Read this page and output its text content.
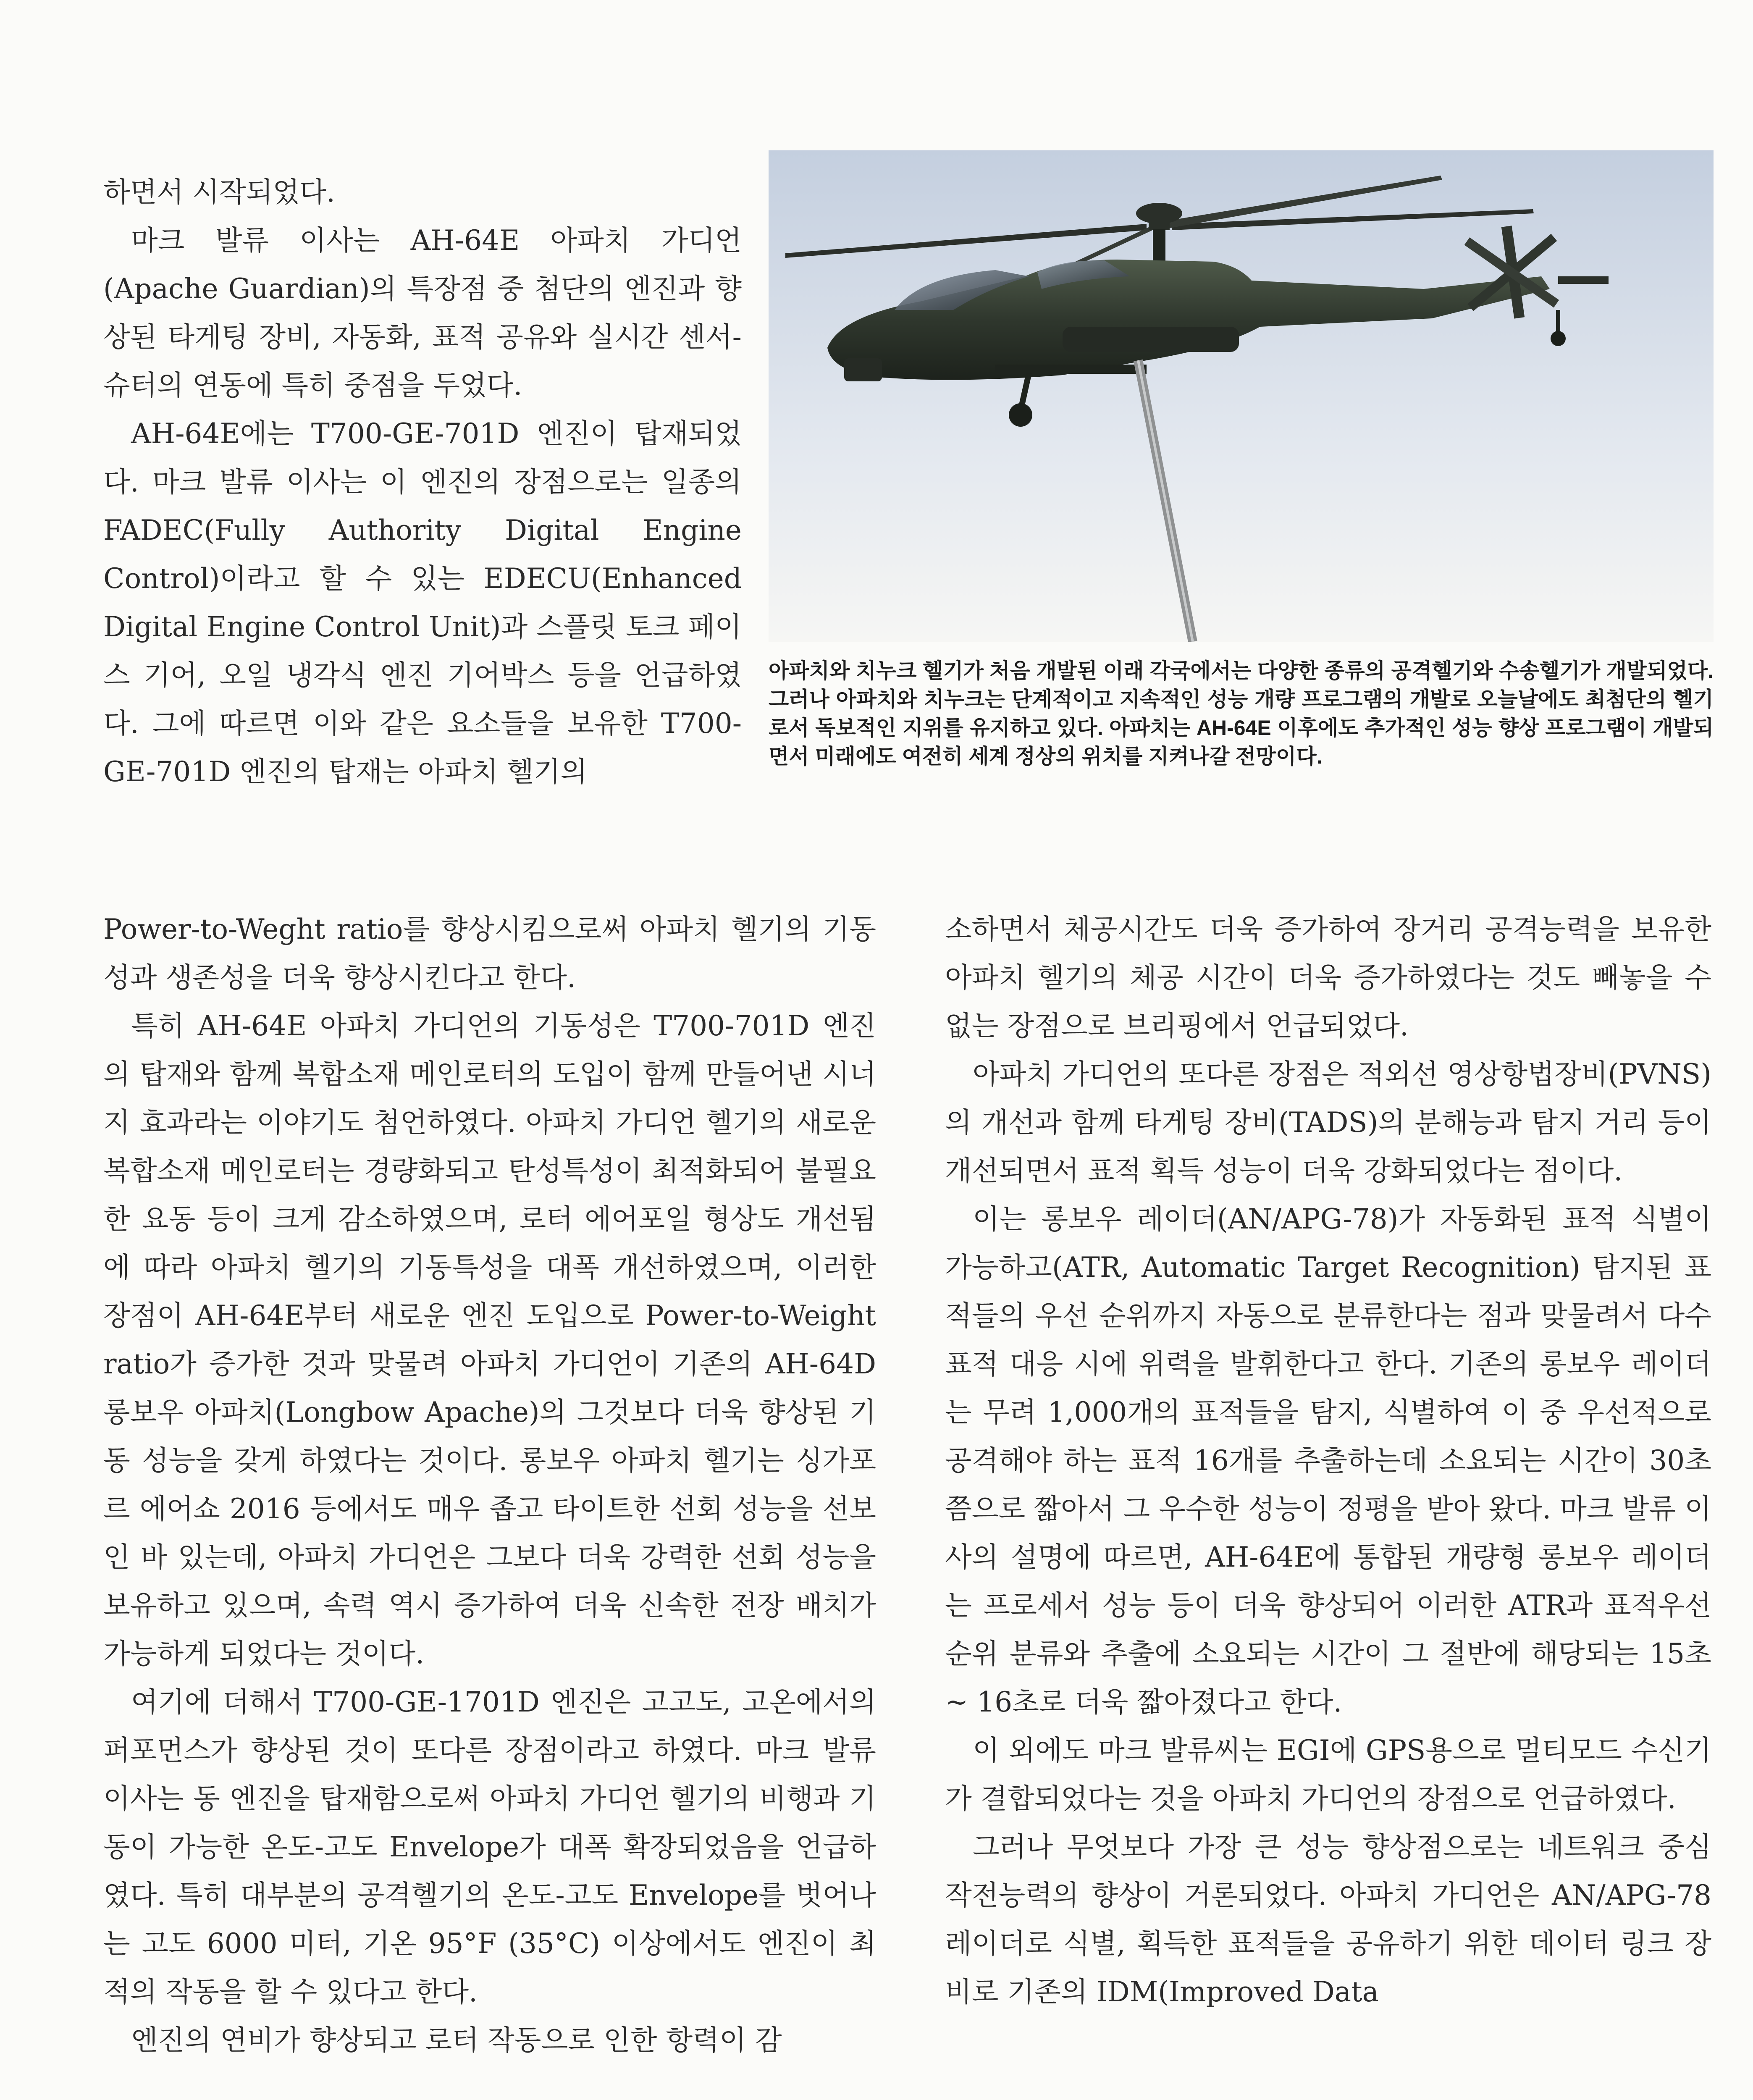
하면서 시작되었다.

마크 발류 이사는 AH-64E 아파치 가디언(Apache Guardian)의 특장점 중 첨단의 엔진과 향상된 타게팅 장비, 자동화, 표적 공유와 실시간 센서-슈터의 연동에 특히 중점을 두었다.

AH-64E에는 T700-GE-701D 엔진이 탑재되었다. 마크 발류 이사는 이 엔진의 장점으로는 일종의 FADEC(Fully Authority Digital Engine Control)이라고 할 수 있는 EDECU(Enhanced Digital Engine Control Unit)과 스플릿 토크 페이스 기어, 오일 냉각식 엔진 기어박스 등을 언급하였다. 그에 따르면 이와 같은 요소들을 보유한 T700-GE-701D 엔진의 탑재는 아파치 헬기의

아파치와 치누크 헬기가 처음 개발된 이래 각국에서는 다양한 종류의 공격헬기와 수송헬기가 개발되었다. 그러나 아파치와 치누크는 단계적이고 지속적인 성능 개량 프로그램의 개발로 오늘날에도 최첨단의 헬기로서 독보적인 지위를 유지하고 있다. 아파치는 AH-64E 이후에도 추가적인 성능 향상 프로그램이 개발되면서 미래에도 여전히 세계 정상의 위치를 지켜나갈 전망이다.

Power-to-Weght ratio를 향상시킴으로써 아파치 헬기의 기동성과 생존성을 더욱 향상시킨다고 한다.

특히 AH-64E 아파치 가디언의 기동성은 T700-701D 엔진의 탑재와 함께 복합소재 메인로터의 도입이 함께 만들어낸 시너지 효과라는 이야기도 첨언하였다. 아파치 가디언 헬기의 새로운 복합소재 메인로터는 경량화되고 탄성특성이 최적화되어 불필요한 요동 등이 크게 감소하였으며, 로터 에어포일 형상도 개선됨에 따라 아파치 헬기의 기동특성을 대폭 개선하였으며, 이러한 장점이 AH-64E부터 새로운 엔진 도입으로 Power-to-Weight ratio가 증가한 것과 맞물려 아파치 가디언이 기존의 AH-64D 롱보우 아파치(Longbow Apache)의 그것보다 더욱 향상된 기동 성능을 갖게 하였다는 것이다. 롱보우 아파치 헬기는 싱가포르 에어쇼 2016 등에서도 매우 좁고 타이트한 선회 성능을 선보인 바 있는데, 아파치 가디언은 그보다 더욱 강력한 선회 성능을 보유하고 있으며, 속력 역시 증가하여 더욱 신속한 전장 배치가 가능하게 되었다는 것이다.

여기에 더해서 T700-GE-1701D 엔진은 고고도, 고온에서의 퍼포먼스가 향상된 것이 또다른 장점이라고 하였다. 마크 발류 이사는 동 엔진을 탑재함으로써 아파치 가디언 헬기의 비행과 기동이 가능한 온도-고도 Envelope가 대폭 확장되었음을 언급하였다. 특히 대부분의 공격헬기의 온도-고도 Envelope를 벗어나는 고도 6000 미터, 기온 95°F (35°C) 이상에서도 엔진이 최적의 작동을 할 수 있다고 한다.

엔진의 연비가 향상되고 로터 작동으로 인한 항력이 감

소하면서 체공시간도 더욱 증가하여 장거리 공격능력을 보유한 아파치 헬기의 체공 시간이 더욱 증가하였다는 것도 빼놓을 수 없는 장점으로 브리핑에서 언급되었다.

아파치 가디언의 또다른 장점은 적외선 영상항법장비(PVNS)의 개선과 함께 타게팅 장비(TADS)의 분해능과 탐지 거리 등이 개선되면서 표적 획득 성능이 더욱 강화되었다는 점이다.

이는 롱보우 레이더(AN/APG-78)가 자동화된 표적 식별이 가능하고(ATR, Automatic Target Recognition) 탐지된 표적들의 우선 순위까지 자동으로 분류한다는 점과 맞물려서 다수 표적 대응 시에 위력을 발휘한다고 한다. 기존의 롱보우 레이더는 무려 1,000개의 표적들을 탐지, 식별하여 이 중 우선적으로 공격해야 하는 표적 16개를 추출하는데 소요되는 시간이 30초쯤으로 짧아서 그 우수한 성능이 정평을 받아 왔다. 마크 발류 이사의 설명에 따르면, AH-64E에 통합된 개량형 롱보우 레이더는 프로세서 성능 등이 더욱 향상되어 이러한 ATR과 표적우선순위 분류와 추출에 소요되는 시간이 그 절반에 해당되는 15초 ~ 16초로 더욱 짧아졌다고 한다.

이 외에도 마크 발류씨는 EGI에 GPS용으로 멀티모드 수신기가 결합되었다는 것을 아파치 가디언의 장점으로 언급하였다.

그러나 무엇보다 가장 큰 성능 향상점으로는 네트워크 중심 작전능력의 향상이 거론되었다. 아파치 가디언은 AN/APG-78 레이더로 식별, 획득한 표적들을 공유하기 위한 데이터 링크 장비로 기존의 IDM(Improved Data
